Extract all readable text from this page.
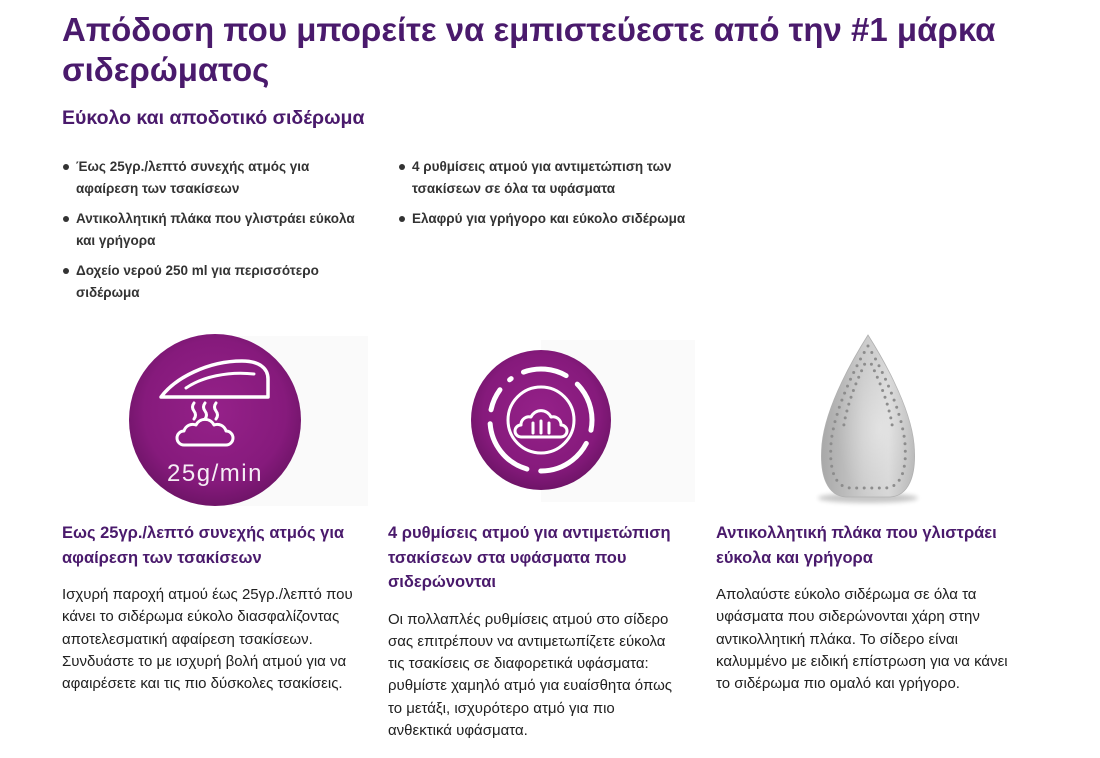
Απόδοση που μπορείτε να εμπιστεύεστε από την #1 μάρκα
σιδερώματος
Εύκολο και αποδοτικό σιδέρωμα
Έως 25γρ./λεπτό συνεχής ατμός για
αφαίρεση των τσακίσεων
Αντικολλητική πλάκα που γλιστράει εύκολα
και γρήγορα
Δοχείο νερού 250 ml για περισσότερο
σιδέρωμα
4 ρυθμίσεις ατμού για αντιμετώπιση των
τσακίσεων σε όλα τα υφάσματα
Ελαφρύ για γρήγορο και εύκολο σιδέρωμα
25g/min
Εως 25γρ./λεπτό συνεχής ατμός για
αφαίρεση των τσακίσεων

Ισχυρή παροχή ατμού έως 25γρ./λεπτό που
κάνει το σιδέρωμα εύκολο διασφαλίζοντας
αποτελεσματική αφαίρεση τσακίσεων.
Συνδυάστε το με ισχυρή βολή ατμού για να
αφαιρέσετε και τις πιο δύσκολες τσακίσεις.

4 ρυθμίσεις ατμού για αντιμετώπιση
τσακίσεων στα υφάσματα που
σιδερώνονται

Οι πολλαπλές ρυθμίσεις ατμού στο σίδερο
σας επιτρέπουν να αντιμετωπίζετε εύκολα
τις τσακίσεις σε διαφορετικά υφάσματα:
ρυθμίστε χαμηλό ατμό για ευαίσθητα όπως
το μετάξι, ισχυρότερο ατμό για πιο
ανθεκτικά υφάσματα.

Αντικολλητική πλάκα που γλιστράει
εύκολα και γρήγορα

Απολαύστε εύκολο σιδέρωμα σε όλα τα
υφάσματα που σιδερώνονται χάρη στην
αντικολλητική πλάκα. Το σίδερο είναι
καλυμμένο με ειδική επίστρωση για να κάνει
το σιδέρωμα πιο ομαλό και γρήγορο.
